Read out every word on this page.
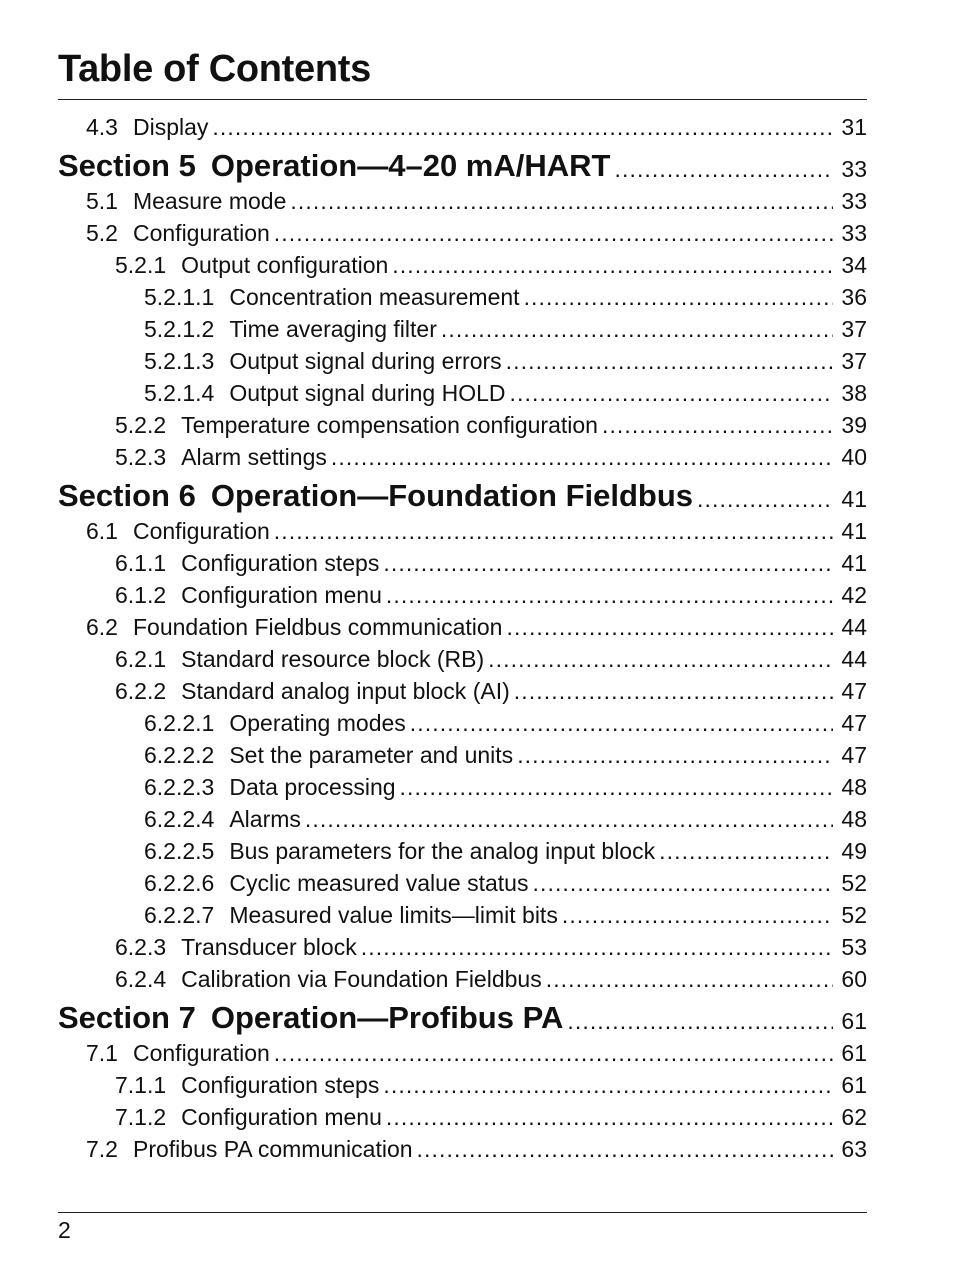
Table of Contents
4.3 Display .....	31
Section 5 Operation—4–20 mA/HART .....	33
5.1 Measure mode .....	33
5.2 Configuration .....	33
5.2.1 Output configuration .....	34
5.2.1.1 Concentration measurement .....	36
5.2.1.2 Time averaging filter .....	37
5.2.1.3 Output signal during errors .....	37
5.2.1.4 Output signal during HOLD .....	38
5.2.2 Temperature compensation configuration .....	39
5.2.3 Alarm settings .....	40
Section 6 Operation—Foundation Fieldbus .....	41
6.1 Configuration .....	41
6.1.1 Configuration steps .....	41
6.1.2 Configuration menu .....	42
6.2 Foundation Fieldbus communication .....	44
6.2.1 Standard resource block (RB) .....	44
6.2.2 Standard analog input block (AI) .....	47
6.2.2.1 Operating modes .....	47
6.2.2.2 Set the parameter and units .....	47
6.2.2.3 Data processing .....	48
6.2.2.4 Alarms .....	48
6.2.2.5 Bus parameters for the analog input block .....	49
6.2.2.6 Cyclic measured value status .....	52
6.2.2.7 Measured value limits—limit bits .....	52
6.2.3 Transducer block .....	53
6.2.4 Calibration via Foundation Fieldbus .....	60
Section 7 Operation—Profibus PA .....	61
7.1 Configuration .....	61
7.1.1 Configuration steps .....	61
7.1.2 Configuration menu .....	62
7.2 Profibus PA communication .....	63
2
